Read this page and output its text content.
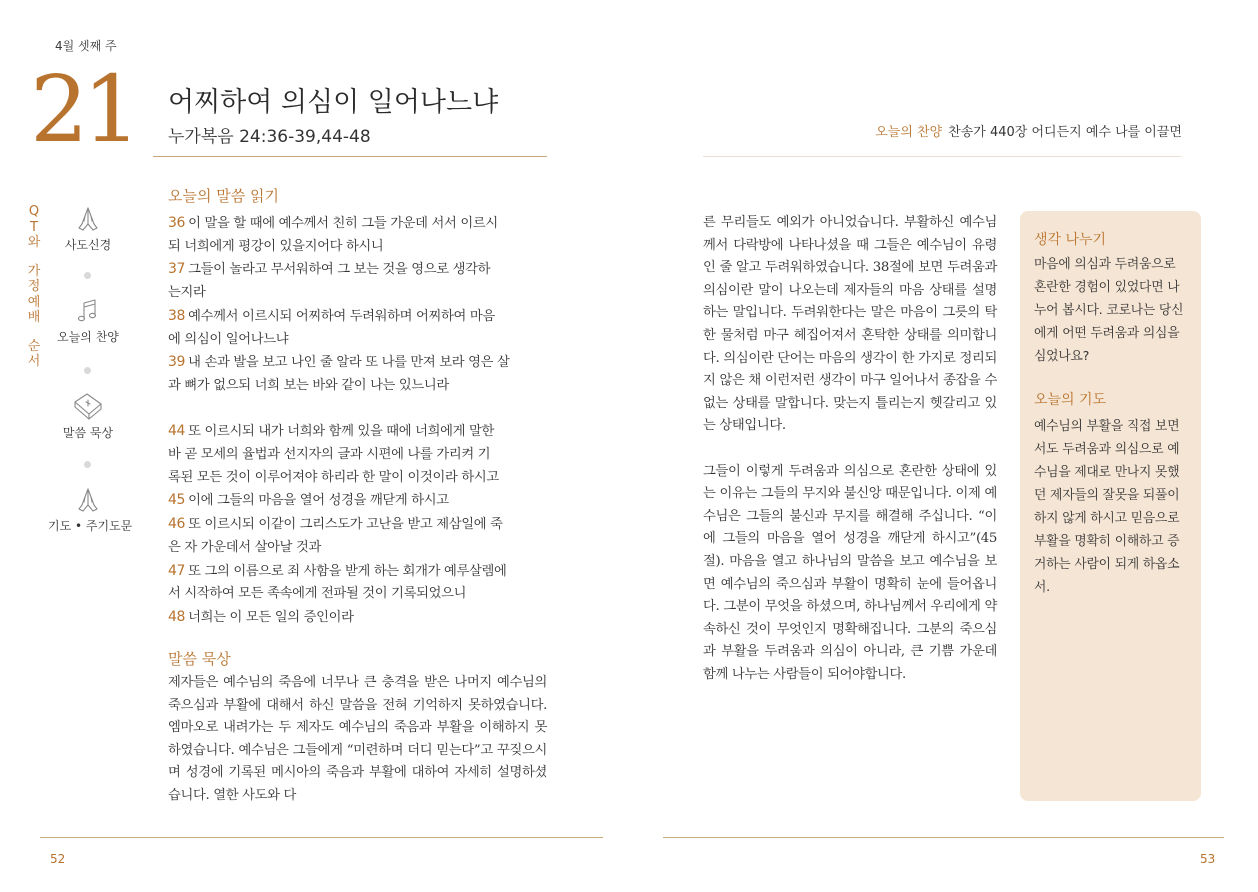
4월 셋째 주
21 어찌하여 의심이 일어나느냐
누가복음 24:36-39,44-48	오늘의 찬양 찬송가 440장 어디든지 예수 나를 이끌면
Q
T
와
가
정
예
배
순
서
사도신경
오늘의 찬양
말씀 묵상
기도 • 주기도문
오늘의 말씀 읽기
36 이 말을 할 때에 예수께서 친히 그들 가운데 서서 이르시
되 너희에게 평강이 있을지어다 하시니
37 그들이 놀라고 무서워하여 그 보는 것을 영으로 생각하
는지라
38 예수께서 이르시되 어찌하여 두려워하며 어찌하여 마음
에 의심이 일어나느냐
39 내 손과 발을 보고 나인 줄 알라 또 나를 만져 보라 영은 살
과 뼈가 없으되 너희 보는 바와 같이 나는 있느니라
44 또 이르시되 내가 너희와 함께 있을 때에 너희에게 말한
바 곧 모세의 율법과 선지자의 글과 시편에 나를 가리켜 기
록된 모든 것이 이루어져야 하리라 한 말이 이것이라 하시고
45 이에 그들의 마음을 열어 성경을 깨닫게 하시고
46 또 이르시되 이같이 그리스도가 고난을 받고 제삼일에 죽
은 자 가운데서 살아날 것과
47 또 그의 이름으로 죄 사함을 받게 하는 회개가 예루살렘에
서 시작하여 모든 족속에게 전파될 것이 기록되었으니
48 너희는 이 모든 일의 증인이라
말씀 묵상
제자들은 예수님의 죽음에 너무나 큰 충격을 받은 나머지 예수님의 죽으심과 부활에 대해서 하신 말씀을 전혀 기억하지 못하였습니다. 엠마오로 내려가는 두 제자도 예수님의 죽음과 부활을 이해하지 못하였습니다. 예수님은 그들에게 “미련하며 더디 믿는다”고 꾸짖으시며 성경에 기록된 메시아의 죽음과 부활에 대하여 자세히 설명하셨습니다. 열한 사도와 다

른 무리들도 예외가 아니었습니다. 부활하신 예수님께서 다락방에 나타나셨을 때 그들은 예수님이 유령인 줄 알고 두려워하였습니다. 38절에 보면 두려움과 의심이란 말이 나오는데 제자들의 마음 상태를 설명하는 말입니다. 두려워한다는 말은 마음이 그릇의 탁한 물처럼 마구 헤집어져서 혼탁한 상태를 의미합니다. 의심이란 단어는 마음의 생각이 한 가지로 정리되지 않은 채 이런저런 생각이 마구 일어나서 종잡을 수 없는 상태를 말합니다. 맞는지 틀리는지 헷갈리고 있는 상태입니다.

그들이 이렇게 두려움과 의심으로 혼란한 상태에 있는 이유는 그들의 무지와 불신앙 때문입니다. 이제 예수님은 그들의 불신과 무지를 해결해 주십니다. “이에 그들의 마음을 열어 성경을 깨닫게 하시고”(45절). 마음을 열고 하나님의 말씀을 보고 예수님을 보면 예수님의 죽으심과 부활이 명확히 눈에 들어옵니다. 그분이 무엇을 하셨으며, 하나님께서 우리에게 약속하신 것이 무엇인지 명확해집니다. 그분의 죽으심과 부활을 두려움과 의심이 아니라, 큰 기쁨 가운데 함께 나누는 사람들이 되어야합니다.

생각 나누기
마음에 의심과 두려움으로 혼란한 경험이 있었다면 나누어 봅시다. 코로나는 당신에게 어떤 두려움과 의심을 심었나요?
오늘의 기도
예수님의 부활을 직접 보면서도 두려움과 의심으로 예수님을 제대로 만나지 못했던 제자들의 잘못을 되풀이 하지 않게 하시고 믿음으로 부활을 명확히 이해하고 증거하는 사람이 되게 하옵소서.
52	53
